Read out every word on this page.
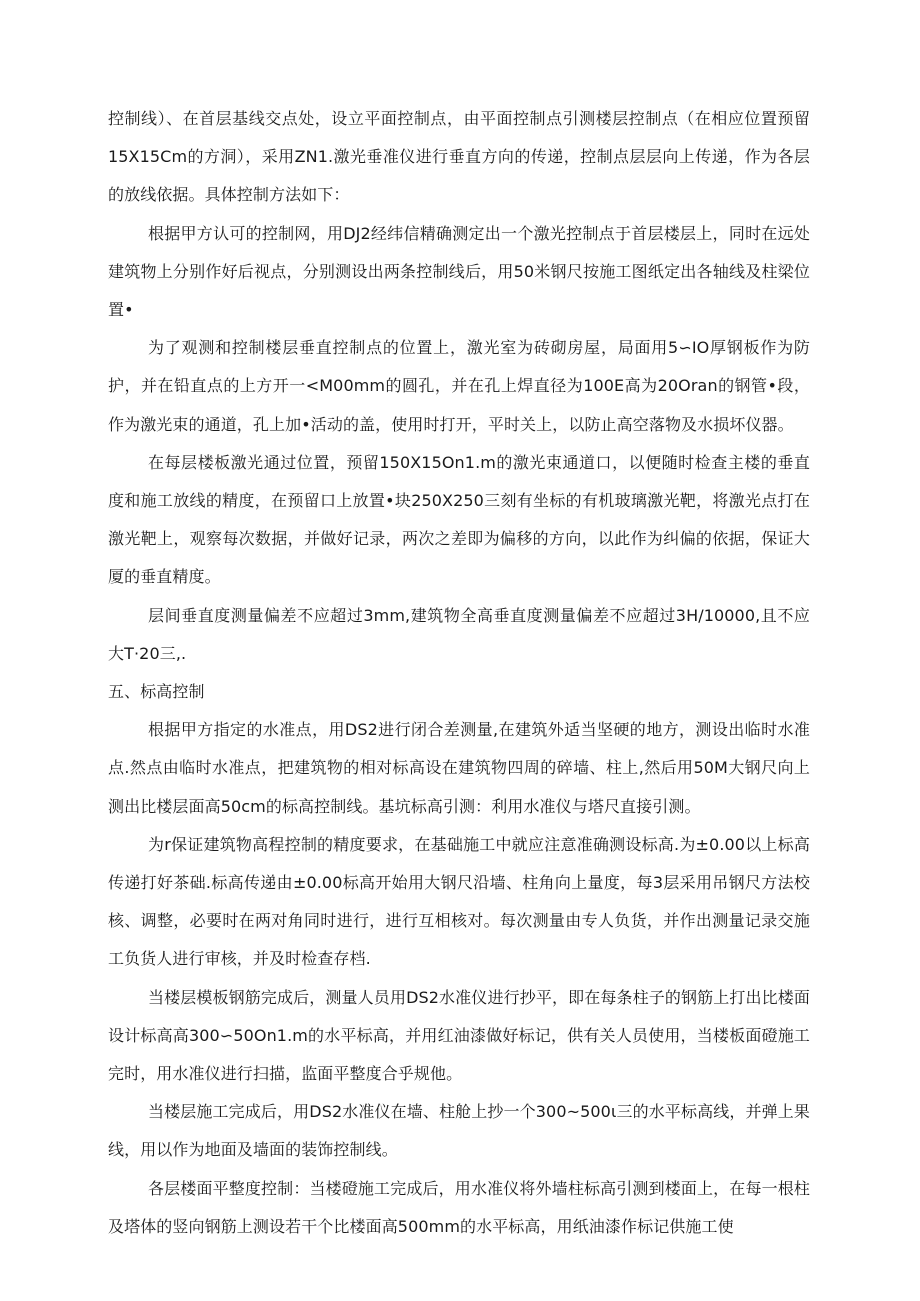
控制线）、在首层基线交点处，设立平面控制点，由平面控制点引测楼层控制点（在相应位置预留15X15Cm的方洞），采用ZN1.激光垂准仪进行垂直方向的传递，控制点层层向上传递，作为各层的放线依据。具体控制方法如下：

根据甲方认可的控制网，用DJ2经纬信精确测定出一个激光控制点于首层楼层上，同时在远处建筑物上分别作好后视点，分别测设出两条控制线后，用50米钢尺按施工图纸定出各轴线及柱梁位置•

为了观测和控制楼层垂直控制点的位置上，激光室为砖砌房屋，局面用5∽IO厚钢板作为防护，并在铅直点的上方开一<M00mm的圆孔，并在孔上焊直径为100E高为20Oran的钢管•段，作为激光束的通道，孔上加•活动的盖，使用时打开，平时关上，以防止高空落物及水损坏仪器。

在每层楼板激光通过位置，预留150X15On1.m的激光束通道口，以便随时检查主楼的垂直度和施工放线的精度，在预留口上放置•块250X250三刻有坐标的有机玻璃激光靶，将激光点打在激光靶上，观察每次数据，并做好记录，两次之差即为偏移的方向，以此作为纠偏的依据，保证大厦的垂直精度。

层间垂直度测量偏差不应超过3mm,建筑物全高垂直度测量偏差不应超过3H/10000,且不应大T·20三,.

五、标高控制

根据甲方指定的水准点，用DS2进行闭合差测量,在建筑外适当坚硬的地方，测设出临时水准点.然点由临时水准点，把建筑物的相对标高设在建筑物四周的碎墙、柱上,然后用50M大钢尺向上测出比楼层面高50cm的标高控制线。基坑标高引测：利用水准仪与塔尺直接引测。

为r保证建筑物高程控制的精度要求，在基础施工中就应注意准确测设标高.为±0.00以上标高传递打好茶础.标高传递由±0.00标高开始用大钢尺沿墙、柱角向上量度，每3层采用吊钢尺方法校核、调整，必要时在两对角同时进行，进行互相核对。每次测量由专人负货，并作出测量记录交施工负货人进行审核，并及时检查存档.

当楼层模板钢筋完成后，测量人员用DS2水准仪进行抄平，即在每条柱子的钢筋上打出比楼面设计标高高300∽50On1.m的水平标高，并用红油漆做好标记，供有关人员使用，当楼板面磴施工完时，用水准仪进行扫描，监面平整度合乎规他。

当楼层施工完成后，用DS2水准仪在墙、柱舱上抄一个300~500ι三的水平标高线，并弹上果线，用以作为地面及墙面的装饰控制线。

各层楼面平整度控制：当楼磴施工完成后，用水准仪将外墙柱标高引测到楼面上，在每一根柱及塔体的竖向钢筋上测设若干个比楼面高500mm的水平标高，用纸油漆作标记供施工使
